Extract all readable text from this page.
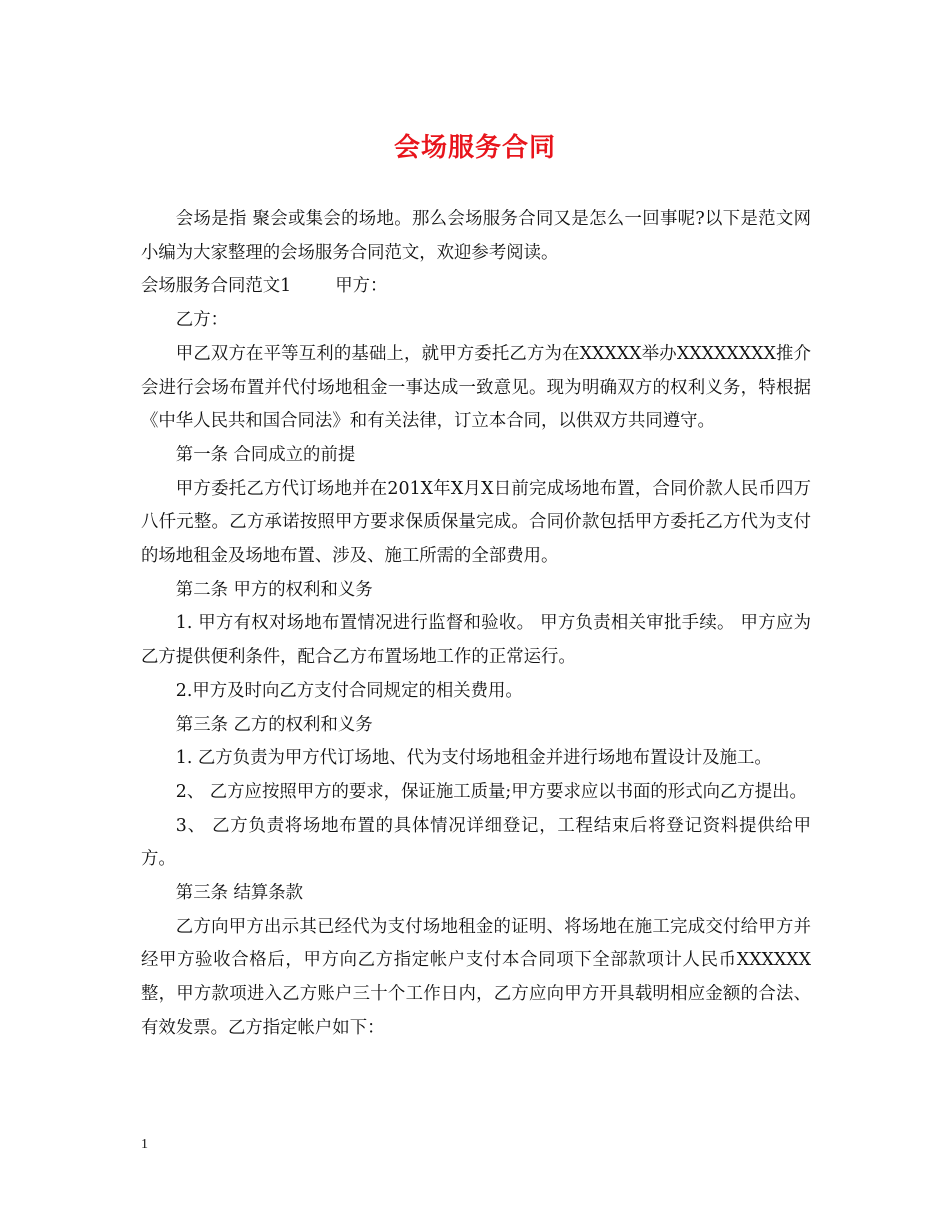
会场服务合同

会场是指 聚会或集会的场地。那么会场服务合同又是怎么一回事呢?以下是范文网小编为大家整理的会场服务合同范文，欢迎参考阅读。

会场服务合同范文1	甲方：

乙方：

甲乙双方在平等互利的基础上，就甲方委托乙方为在XXXXX举办XXXXXXXX推介会进行会场布置并代付场地租金一事达成一致意见。现为明确双方的权利义务，特根据《中华人民共和国合同法》和有关法律，订立本合同，以供双方共同遵守。

第一条 合同成立的前提

甲方委托乙方代订场地并在201X年X月X日前完成场地布置，合同价款人民币四万八仟元整。乙方承诺按照甲方要求保质保量完成。合同价款包括甲方委托乙方代为支付的场地租金及场地布置、涉及、施工所需的全部费用。

第二条 甲方的权利和义务

1. 甲方有权对场地布置情况进行监督和验收。 甲方负责相关审批手续。 甲方应为乙方提供便利条件，配合乙方布置场地工作的正常运行。

2.甲方及时向乙方支付合同规定的相关费用。

第三条 乙方的权利和义务

1. 乙方负责为甲方代订场地、代为支付场地租金并进行场地布置设计及施工。

2、 乙方应按照甲方的要求，保证施工质量;甲方要求应以书面的形式向乙方提出。

3、 乙方负责将场地布置的具体情况详细登记，工程结束后将登记资料提供给甲方。

第三条 结算条款

乙方向甲方出示其已经代为支付场地租金的证明、将场地在施工完成交付给甲方并经甲方验收合格后，甲方向乙方指定帐户支付本合同项下全部款项计人民币XXXXXX整，甲方款项进入乙方账户三十个工作日内，乙方应向甲方开具载明相应金额的合法、有效发票。乙方指定帐户如下：

1
